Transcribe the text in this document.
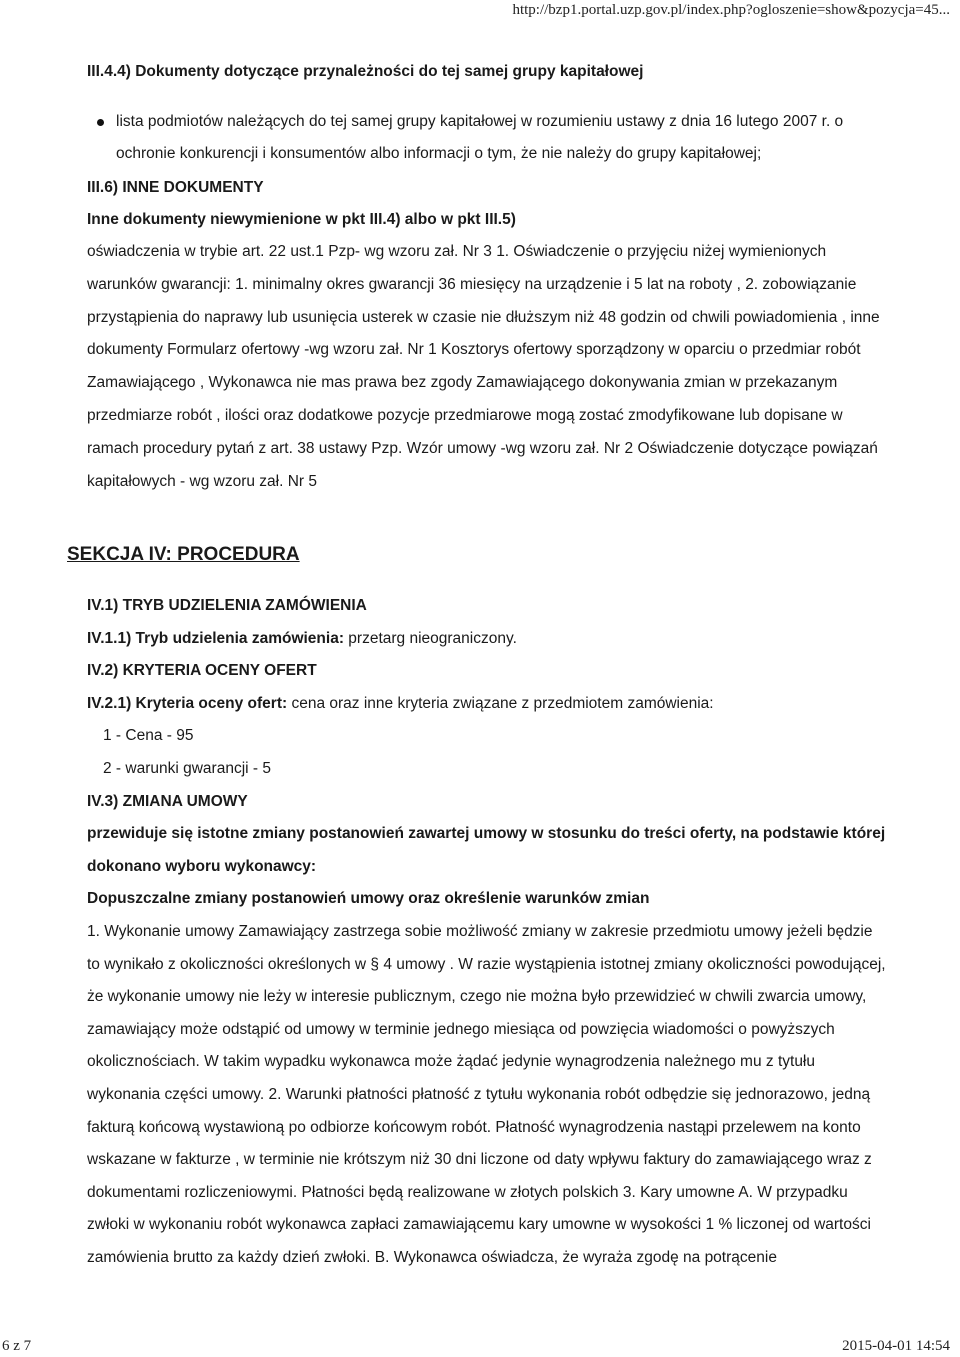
http://bzp1.portal.uzp.gov.pl/index.php?ogloszenie=show&pozycja=45...

III.4.4) Dokumenty dotyczące przynależności do tej samej grupy kapitałowej

lista podmiotów należących do tej samej grupy kapitałowej w rozumieniu ustawy z dnia 16 lutego 2007 r. o ochronie konkurencji i konsumentów albo informacji o tym, że nie należy do grupy kapitałowej;

III.6) INNE DOKUMENTY

Inne dokumenty niewymienione w pkt III.4) albo w pkt III.5)

oświadczenia w trybie art. 22 ust.1 Pzp- wg wzoru zał. Nr 3 1. Oświadczenie o przyjęciu niżej wymienionych warunków gwarancji: 1. minimalny okres gwarancji 36 miesięcy na urządzenie i 5 lat na roboty , 2. zobowiązanie przystąpienia do naprawy lub usunięcia usterek w czasie nie dłuższym niż 48 godzin od chwili powiadomienia , inne dokumenty Formularz ofertowy -wg wzoru zał. Nr 1 Kosztorys ofertowy sporządzony w oparciu o przedmiar robót Zamawiającego , Wykonawca nie mas prawa bez zgody Zamawiającego dokonywania zmian w przekazanym przedmiarze robót , ilości oraz dodatkowe pozycje przedmiarowe mogą zostać zmodyfikowane lub dopisane w ramach procedury pytań z art. 38 ustawy Pzp. Wzór umowy -wg wzoru zał. Nr 2 Oświadczenie dotyczące powiązań kapitałowych - wg wzoru zał. Nr 5

SEKCJA IV: PROCEDURA

IV.1) TRYB UDZIELENIA ZAMÓWIENIA

IV.1.1) Tryb udzielenia zamówienia: przetarg nieograniczony.

IV.2) KRYTERIA OCENY OFERT

IV.2.1) Kryteria oceny ofert: cena oraz inne kryteria związane z przedmiotem zamówienia:

1 - Cena - 95

2 - warunki gwarancji - 5

IV.3) ZMIANA UMOWY

przewiduje się istotne zmiany postanowień zawartej umowy w stosunku do treści oferty, na podstawie której dokonano wyboru wykonawcy:

Dopuszczalne zmiany postanowień umowy oraz określenie warunków zmian

1. Wykonanie umowy Zamawiający zastrzega sobie możliwość zmiany w zakresie przedmiotu umowy jeżeli będzie to wynikało z okoliczności określonych w § 4 umowy . W razie wystąpienia istotnej zmiany okoliczności powodującej, że wykonanie umowy nie leży w interesie publicznym, czego nie można było przewidzieć w chwili zwarcia umowy, zamawiający może odstąpić od umowy w terminie jednego miesiąca od powzięcia wiadomości o powyższych okolicznościach. W takim wypadku wykonawca może żądać jedynie wynagrodzenia należnego mu z tytułu wykonania części umowy. 2. Warunki płatności płatność z tytułu wykonania robót odbędzie się jednorazowo, jedną fakturą końcową wystawioną po odbiorze końcowym robót. Płatność wynagrodzenia nastąpi przelewem na konto wskazane w fakturze , w terminie nie krótszym niż 30 dni liczone od daty wpływu faktury do zamawiającego wraz z dokumentami rozliczeniowymi. Płatności będą realizowane w złotych polskich 3. Kary umowne A. W przypadku zwłoki w wykonaniu robót wykonawca zapłaci zamawiającemu kary umowne w wysokości 1 % liczonej od wartości zamówienia brutto za każdy dzień zwłoki. B. Wykonawca oświadcza, że wyraża zgodę na potrącenie

6 z 7	2015-04-01 14:54
